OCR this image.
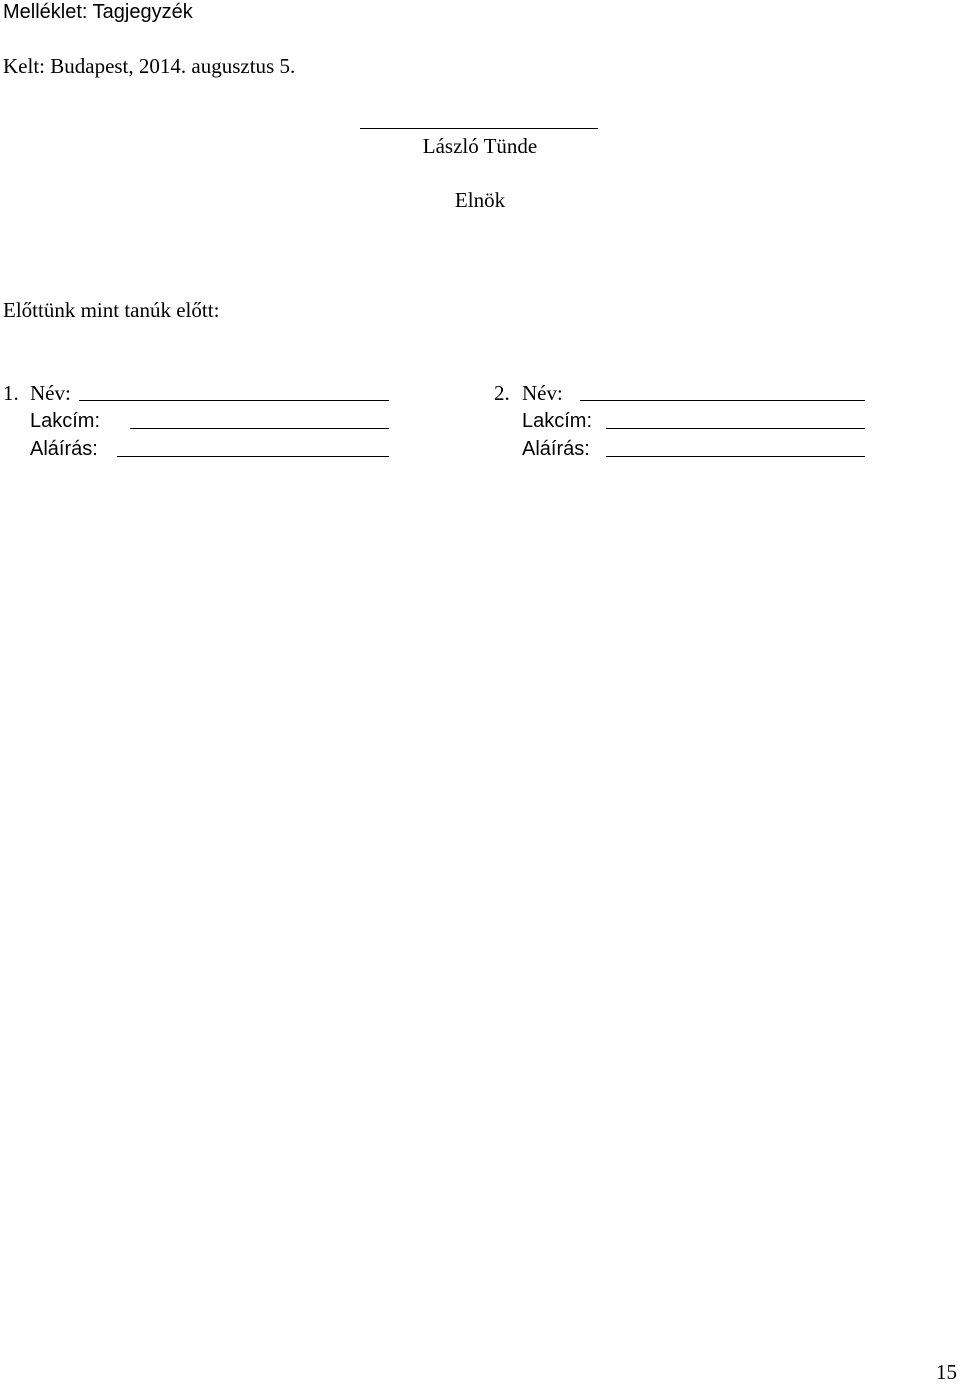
Melléklet: Tagjegyzék
Kelt: Budapest, 2014. augusztus 5.
László Tünde
Elnök
Előttünk mint tanúk előtt:
1. Név:
Lakcím:
Aláírás:
2. Név:
Lakcím:
Aláírás:
15
